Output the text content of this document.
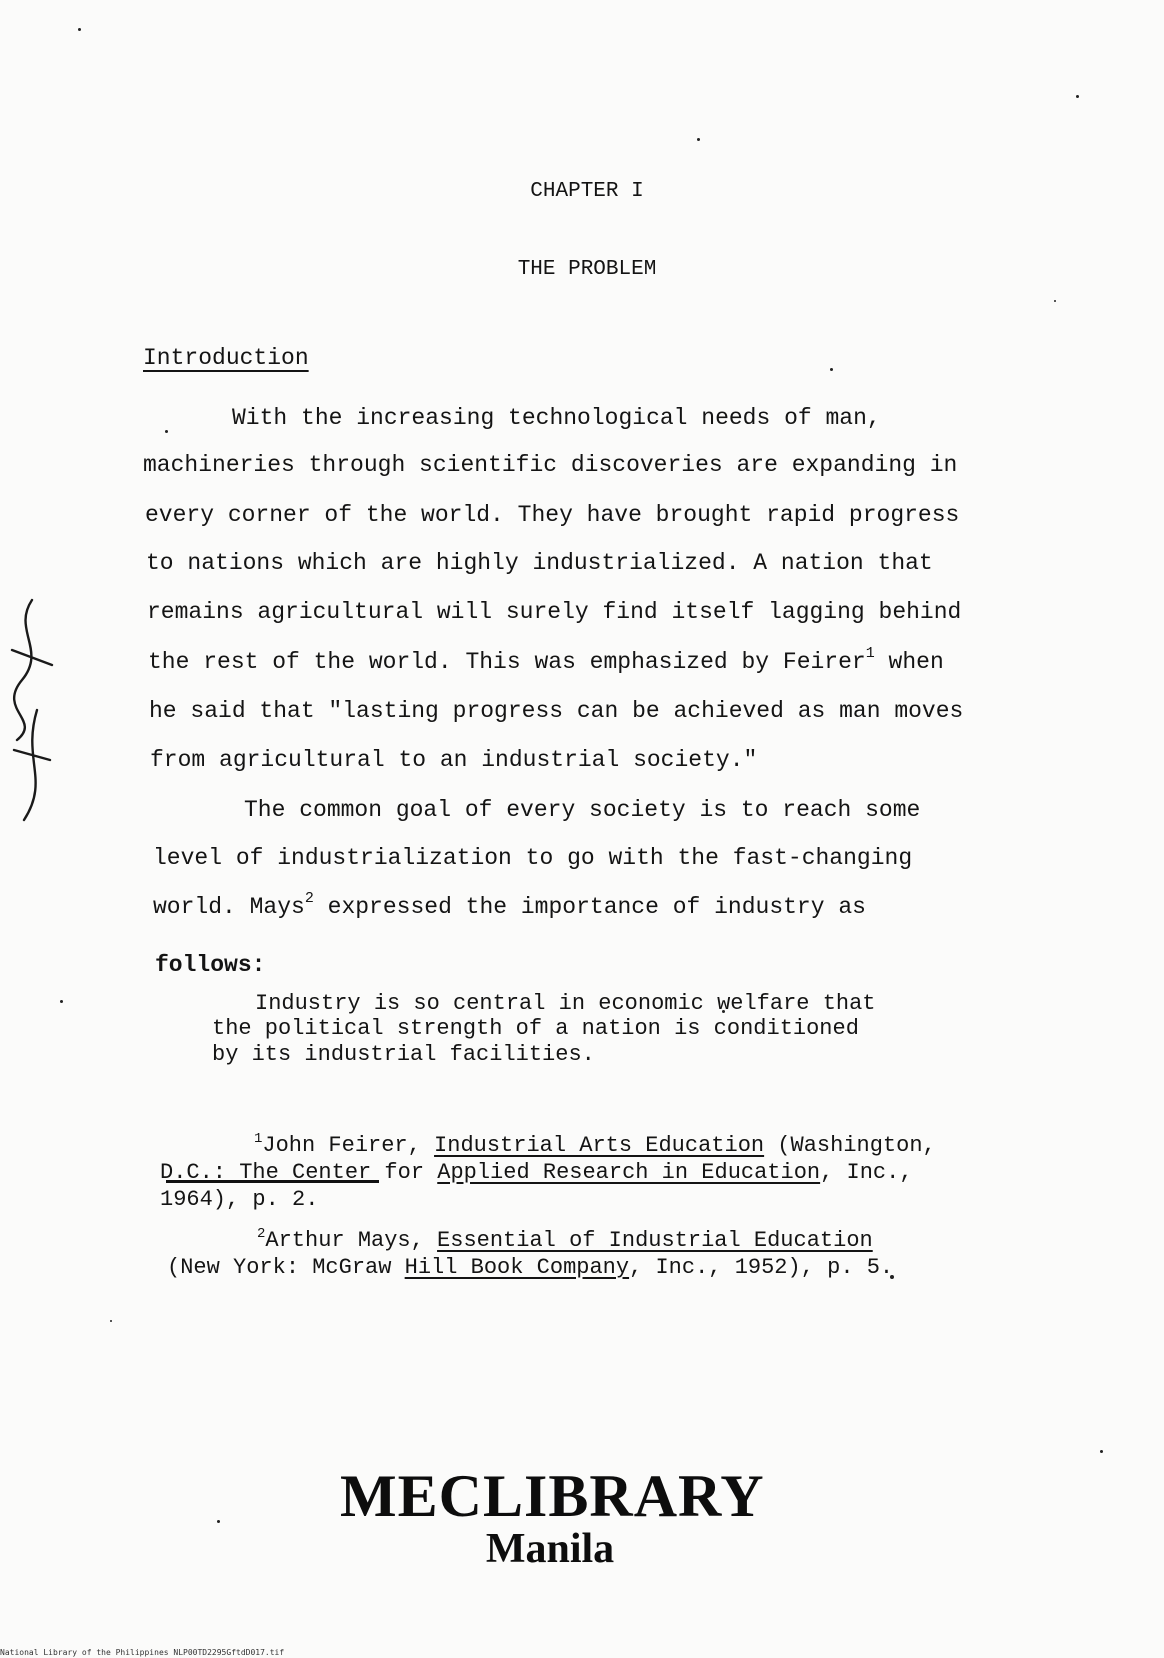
CHAPTER I
THE PROBLEM
Introduction
With the increasing technological needs of man,
machineries through scientific discoveries are expanding in
every corner of the world. They have brought rapid progress
to nations which are highly industrialized. A nation that
remains agricultural will surely find itself lagging behind
the rest of the world. This was emphasized by Feirer$^1$ when
he said that "lasting progress can be achieved as man moves
from agricultural to an industrial society."
The common goal of every society is to reach some
level of industrialization to go with the fast-changing
world. Mays$^2$ expressed the importance of industry as
follows:
Industry is so central in economic welfare that
the political strength of a nation is conditioned
by its industrial facilities.
$^1$John Feirer, Industrial Arts Education (Washington,
D.C.: The Center for Applied Research in Education, Inc.,
1964), p. 2.
$^2$Arthur Mays, Essential of Industrial Education
(New York: McGraw Hill Book Company, Inc., 1952), p. 5.
MECLIBRARY
Manila
National Library of the Philippines NLP00TD2295GftdD017.tif
